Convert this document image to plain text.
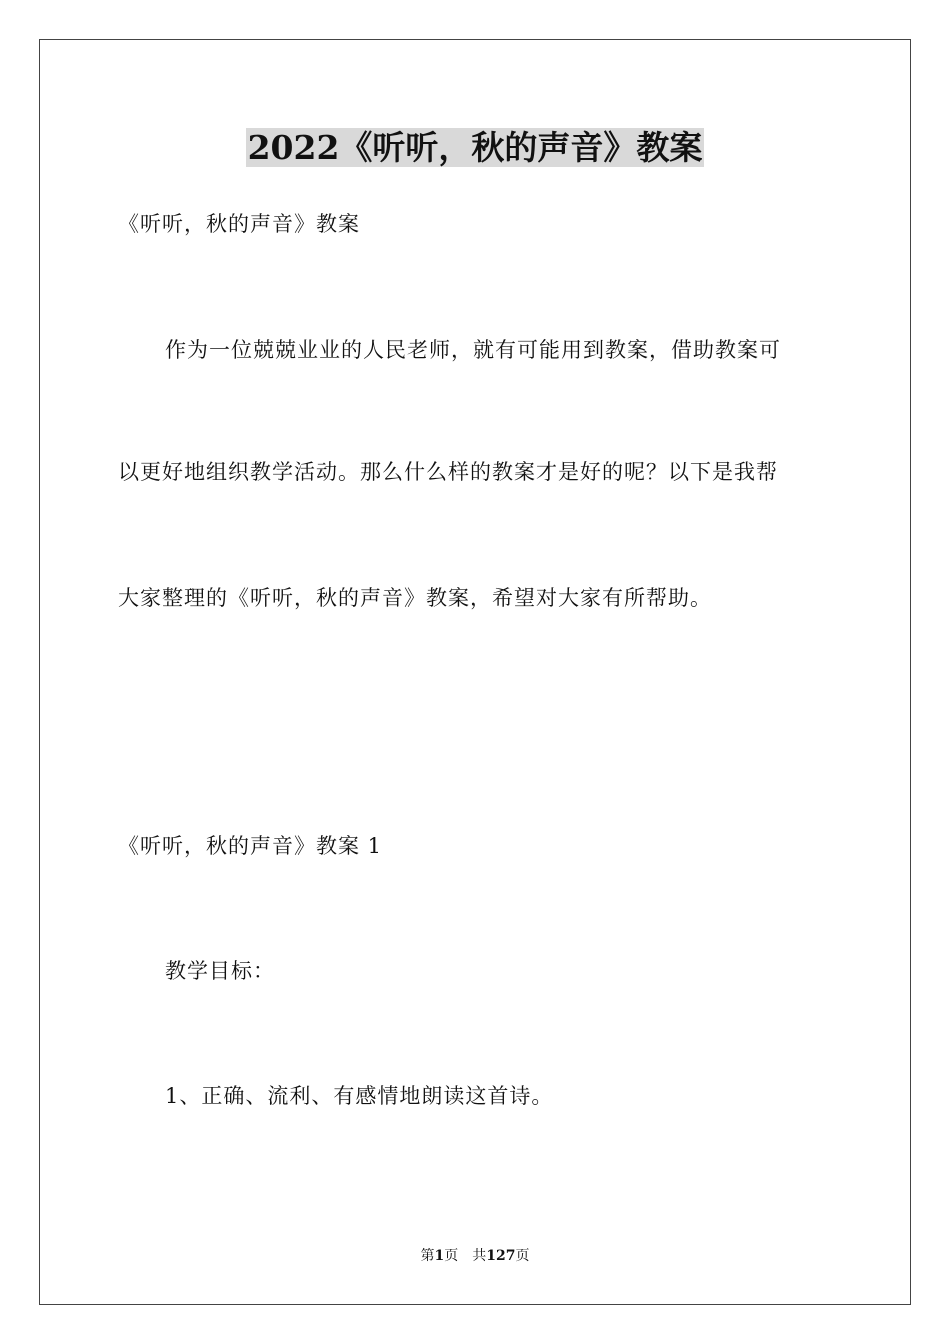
2022《听听，秋的声音》教案
《听听，秋的声音》教案
作为一位兢兢业业的人民老师，就有可能用到教案，借助教案可
以更好地组织教学活动。那么什么样的教案才是好的呢？以下是我帮
大家整理的《听听，秋的声音》教案，希望对大家有所帮助。
《听听，秋的声音》教案 1
教学目标：
1、正确、流利、有感情地朗读这首诗。
第1页　共127页
